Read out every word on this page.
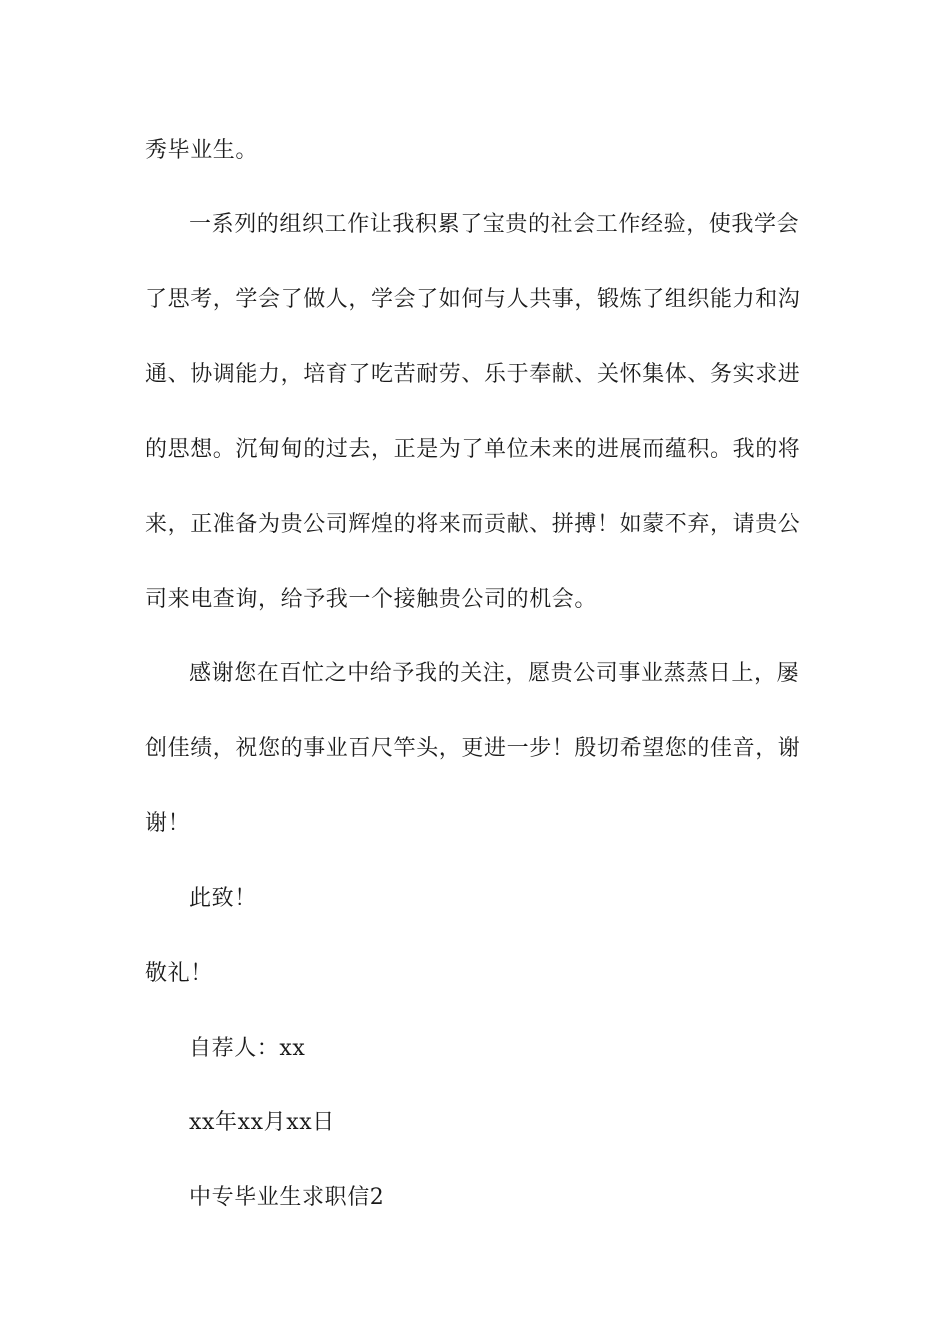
秀毕业生。
一系列的组织工作让我积累了宝贵的社会工作经验，使我学会
了思考，学会了做人，学会了如何与人共事，锻炼了组织能力和沟
通、协调能力，培育了吃苦耐劳、乐于奉献、关怀集体、务实求进
的思想。沉甸甸的过去，正是为了单位未来的进展而蕴积。我的将
来，正准备为贵公司辉煌的将来而贡献、拼搏！如蒙不弃，请贵公
司来电查询，给予我一个接触贵公司的机会。
感谢您在百忙之中给予我的关注，愿贵公司事业蒸蒸日上，屡
创佳绩，祝您的事业百尺竿头，更进一步！殷切希望您的佳音，谢
谢！
此致！
敬礼！
自荐人：xx
xx年xx月xx日
中专毕业生求职信2
